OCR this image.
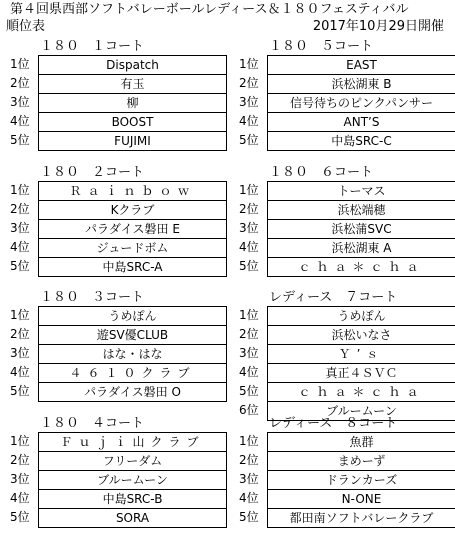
第４回県西部ソフトバレーボールレディース＆１８０フェスティバル
順位表	2017年10月29日開催
１８０　１コート
1位	Dispatch
2位	有玉
3位	柳
4位	BOOST
5位	FUJIMI
１８０　５コート
1位	EAST
2位	浜松湖東 B
3位	信号待ちのピンクパンサー
4位	ANT’S
5位	中島SRC-C
１８０　２コート
1位	Ｒａｉｎｂｏｗ
2位	Kクラブ
3位	パラダイス磐田 E
4位	ジュードボム
5位	中島SRC-A
１８０　６コート
1位	トーマス
2位	浜松端穂
3位	浜松蒲SVC
4位	浜松湖東 A
5位	ｃｈａ＊ｃｈａ
１８０　３コート
1位	うめぽん
2位	遊SV優CLUB
3位	はな・はな
4位	４６１０クラブ
5位	パラダイス磐田 O
レディース　７コート
1位	うめぽん
2位	浜松いなさ
3位	Ｙ’ｓ
4位	真正４ＳＶＣ
5位	ｃｈａ＊ｃｈａ
6位	ブルームーン
１８０　４コート
1位	Ｆｕｊｉ山クラブ
2位	フリーダム
3位	ブルームーン
4位	中島SRC-B
5位	SORA
レディース　８コート
1位	魚群
2位	まめーず
3位	ドランカーズ
4位	N-ONE
5位	都田南ソフトバレークラブ
